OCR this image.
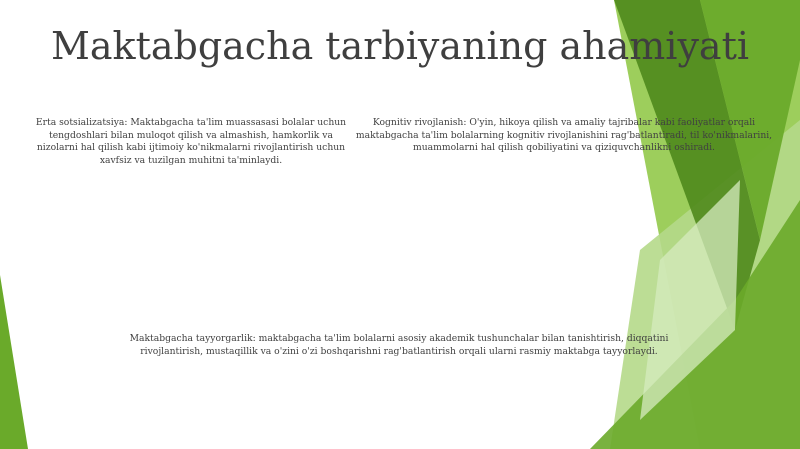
Maktabgacha tarbiyaning ahamiyati
Erta sotsializatsiya: Maktabgacha ta'lim muassasasi bolalar uchun tengdoshlari bilan muloqot qilish va almashish, hamkorlik va nizolarni hal qilish kabi ijtimoiy ko'nikmalarni rivojlantirish uchun xavfsiz va tuzilgan muhitni ta'minlaydi.
Kognitiv rivojlanish: O'yin, hikoya qilish va amaliy tajribalar kabi faoliyatlar orqali maktabgacha ta'lim bolalarning kognitiv rivojlanishini rag'batlantiradi, til ko'nikmalarini, muammolarni hal qilish qobiliyatini va qiziquvchanlikni oshiradi.
Maktabgacha tayyorgarlik: maktabgacha ta'lim bolalarni asosiy akademik tushunchalar bilan tanishtirish, diqqatini rivojlantirish, mustaqillik va o'zini o'zi boshqarishni rag'batlantirish orqali ularni rasmiy maktabga tayyorlaydi.
